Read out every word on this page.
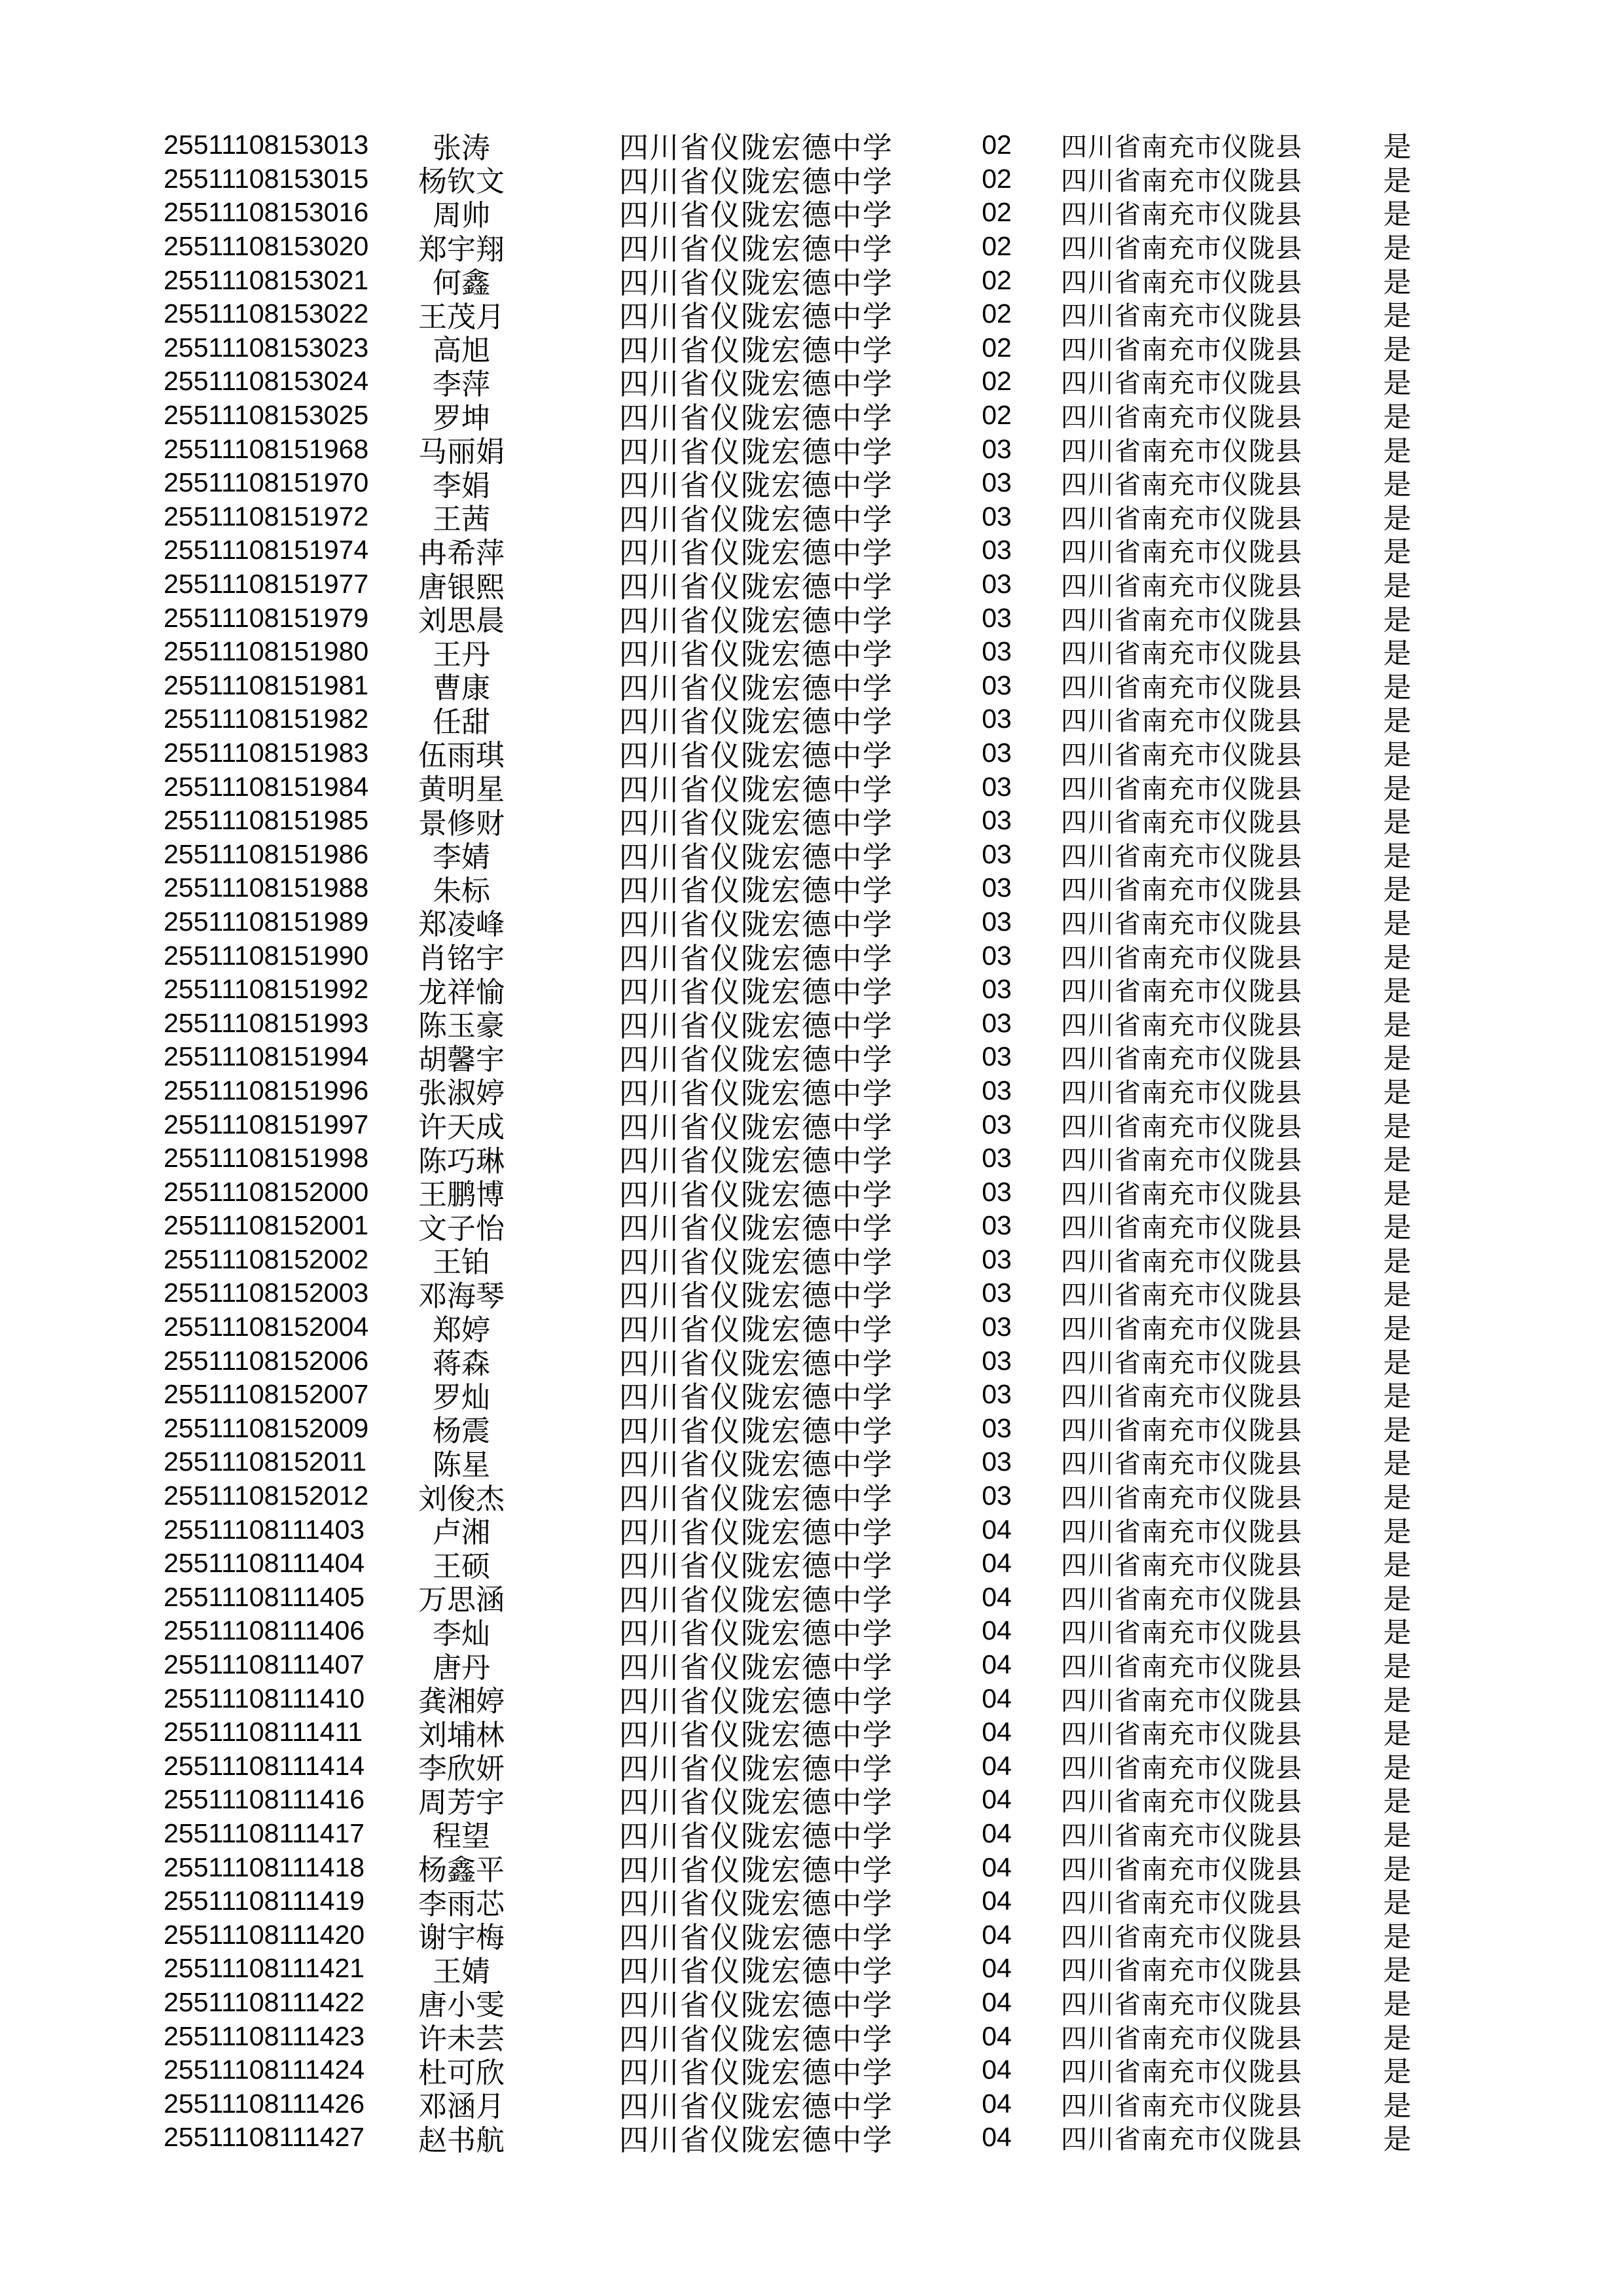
25511108153013	张涛	四川省仪陇宏德中学	02	四川省南充市仪陇县	是
25511108153015	杨钦文	四川省仪陇宏德中学	02	四川省南充市仪陇县	是
25511108153016	周帅	四川省仪陇宏德中学	02	四川省南充市仪陇县	是
25511108153020	郑宇翔	四川省仪陇宏德中学	02	四川省南充市仪陇县	是
25511108153021	何鑫	四川省仪陇宏德中学	02	四川省南充市仪陇县	是
25511108153022	王茂月	四川省仪陇宏德中学	02	四川省南充市仪陇县	是
25511108153023	高旭	四川省仪陇宏德中学	02	四川省南充市仪陇县	是
25511108153024	李萍	四川省仪陇宏德中学	02	四川省南充市仪陇县	是
25511108153025	罗坤	四川省仪陇宏德中学	02	四川省南充市仪陇县	是
25511108151968	马丽娟	四川省仪陇宏德中学	03	四川省南充市仪陇县	是
25511108151970	李娟	四川省仪陇宏德中学	03	四川省南充市仪陇县	是
25511108151972	王茜	四川省仪陇宏德中学	03	四川省南充市仪陇县	是
25511108151974	冉希萍	四川省仪陇宏德中学	03	四川省南充市仪陇县	是
25511108151977	唐银熙	四川省仪陇宏德中学	03	四川省南充市仪陇县	是
25511108151979	刘思晨	四川省仪陇宏德中学	03	四川省南充市仪陇县	是
25511108151980	王丹	四川省仪陇宏德中学	03	四川省南充市仪陇县	是
25511108151981	曹康	四川省仪陇宏德中学	03	四川省南充市仪陇县	是
25511108151982	任甜	四川省仪陇宏德中学	03	四川省南充市仪陇县	是
25511108151983	伍雨琪	四川省仪陇宏德中学	03	四川省南充市仪陇县	是
25511108151984	黄明星	四川省仪陇宏德中学	03	四川省南充市仪陇县	是
25511108151985	景修财	四川省仪陇宏德中学	03	四川省南充市仪陇县	是
25511108151986	李婧	四川省仪陇宏德中学	03	四川省南充市仪陇县	是
25511108151988	朱标	四川省仪陇宏德中学	03	四川省南充市仪陇县	是
25511108151989	郑凌峰	四川省仪陇宏德中学	03	四川省南充市仪陇县	是
25511108151990	肖铭宇	四川省仪陇宏德中学	03	四川省南充市仪陇县	是
25511108151992	龙祥愉	四川省仪陇宏德中学	03	四川省南充市仪陇县	是
25511108151993	陈玉豪	四川省仪陇宏德中学	03	四川省南充市仪陇县	是
25511108151994	胡馨宇	四川省仪陇宏德中学	03	四川省南充市仪陇县	是
25511108151996	张淑婷	四川省仪陇宏德中学	03	四川省南充市仪陇县	是
25511108151997	许天成	四川省仪陇宏德中学	03	四川省南充市仪陇县	是
25511108151998	陈巧琳	四川省仪陇宏德中学	03	四川省南充市仪陇县	是
25511108152000	王鹏博	四川省仪陇宏德中学	03	四川省南充市仪陇县	是
25511108152001	文子怡	四川省仪陇宏德中学	03	四川省南充市仪陇县	是
25511108152002	王铂	四川省仪陇宏德中学	03	四川省南充市仪陇县	是
25511108152003	邓海琴	四川省仪陇宏德中学	03	四川省南充市仪陇县	是
25511108152004	郑婷	四川省仪陇宏德中学	03	四川省南充市仪陇县	是
25511108152006	蒋森	四川省仪陇宏德中学	03	四川省南充市仪陇县	是
25511108152007	罗灿	四川省仪陇宏德中学	03	四川省南充市仪陇县	是
25511108152009	杨震	四川省仪陇宏德中学	03	四川省南充市仪陇县	是
25511108152011	陈星	四川省仪陇宏德中学	03	四川省南充市仪陇县	是
25511108152012	刘俊杰	四川省仪陇宏德中学	03	四川省南充市仪陇县	是
25511108111403	卢湘	四川省仪陇宏德中学	04	四川省南充市仪陇县	是
25511108111404	王硕	四川省仪陇宏德中学	04	四川省南充市仪陇县	是
25511108111405	万思涵	四川省仪陇宏德中学	04	四川省南充市仪陇县	是
25511108111406	李灿	四川省仪陇宏德中学	04	四川省南充市仪陇县	是
25511108111407	唐丹	四川省仪陇宏德中学	04	四川省南充市仪陇县	是
25511108111410	龚湘婷	四川省仪陇宏德中学	04	四川省南充市仪陇县	是
25511108111411	刘埔林	四川省仪陇宏德中学	04	四川省南充市仪陇县	是
25511108111414	李欣妍	四川省仪陇宏德中学	04	四川省南充市仪陇县	是
25511108111416	周芳宇	四川省仪陇宏德中学	04	四川省南充市仪陇县	是
25511108111417	程望	四川省仪陇宏德中学	04	四川省南充市仪陇县	是
25511108111418	杨鑫平	四川省仪陇宏德中学	04	四川省南充市仪陇县	是
25511108111419	李雨芯	四川省仪陇宏德中学	04	四川省南充市仪陇县	是
25511108111420	谢宇梅	四川省仪陇宏德中学	04	四川省南充市仪陇县	是
25511108111421	王婧	四川省仪陇宏德中学	04	四川省南充市仪陇县	是
25511108111422	唐小雯	四川省仪陇宏德中学	04	四川省南充市仪陇县	是
25511108111423	许未芸	四川省仪陇宏德中学	04	四川省南充市仪陇县	是
25511108111424	杜可欣	四川省仪陇宏德中学	04	四川省南充市仪陇县	是
25511108111426	邓涵月	四川省仪陇宏德中学	04	四川省南充市仪陇县	是
25511108111427	赵书航	四川省仪陇宏德中学	04	四川省南充市仪陇县	是
